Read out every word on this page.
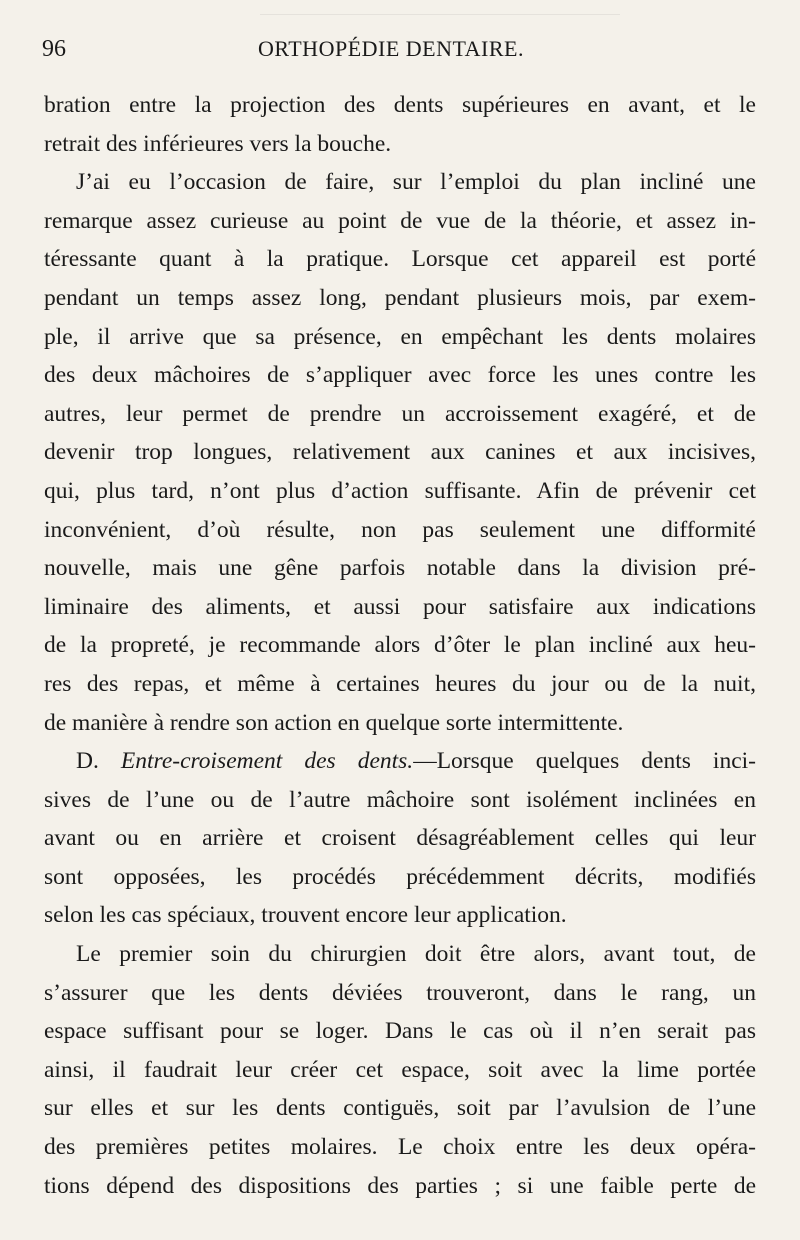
96	ORTHOPÉDIE DENTAIRE.
bration entre la projection des dents supérieures en avant, et le
retrait des inférieures vers la bouche.
J’ai eu l’occasion de faire, sur l’emploi du plan incliné une
remarque assez curieuse au point de vue de la théorie, et assez in-
téressante quant à la pratique. Lorsque cet appareil est porté
pendant un temps assez long, pendant plusieurs mois, par exem-
ple, il arrive que sa présence, en empêchant les dents molaires
des deux mâchoires de s’appliquer avec force les unes contre les
autres, leur permet de prendre un accroissement exagéré, et de
devenir trop longues, relativement aux canines et aux incisives,
qui, plus tard, n’ont plus d’action suffisante. Afin de prévenir cet
inconvénient, d’où résulte, non pas seulement une difformité
nouvelle, mais une gêne parfois notable dans la division pré-
liminaire des aliments, et aussi pour satisfaire aux indications
de la propreté, je recommande alors d’ôter le plan incliné aux heu-
res des repas, et même à certaines heures du jour ou de la nuit,
de manière à rendre son action en quelque sorte intermittente.
D. Entre-croisement des dents.—Lorsque quelques dents inci-
sives de l’une ou de l’autre mâchoire sont isolément inclinées en
avant ou en arrière et croisent désagréablement celles qui leur
sont opposées, les procédés précédemment décrits, modifiés
selon les cas spéciaux, trouvent encore leur application.
Le premier soin du chirurgien doit être alors, avant tout, de
s’assurer que les dents déviées trouveront, dans le rang, un
espace suffisant pour se loger. Dans le cas où il n’en serait pas
ainsi, il faudrait leur créer cet espace, soit avec la lime portée
sur elles et sur les dents contiguës, soit par l’avulsion de l’une
des premières petites molaires. Le choix entre les deux opéra-
tions dépend des dispositions des parties ; si une faible perte de
